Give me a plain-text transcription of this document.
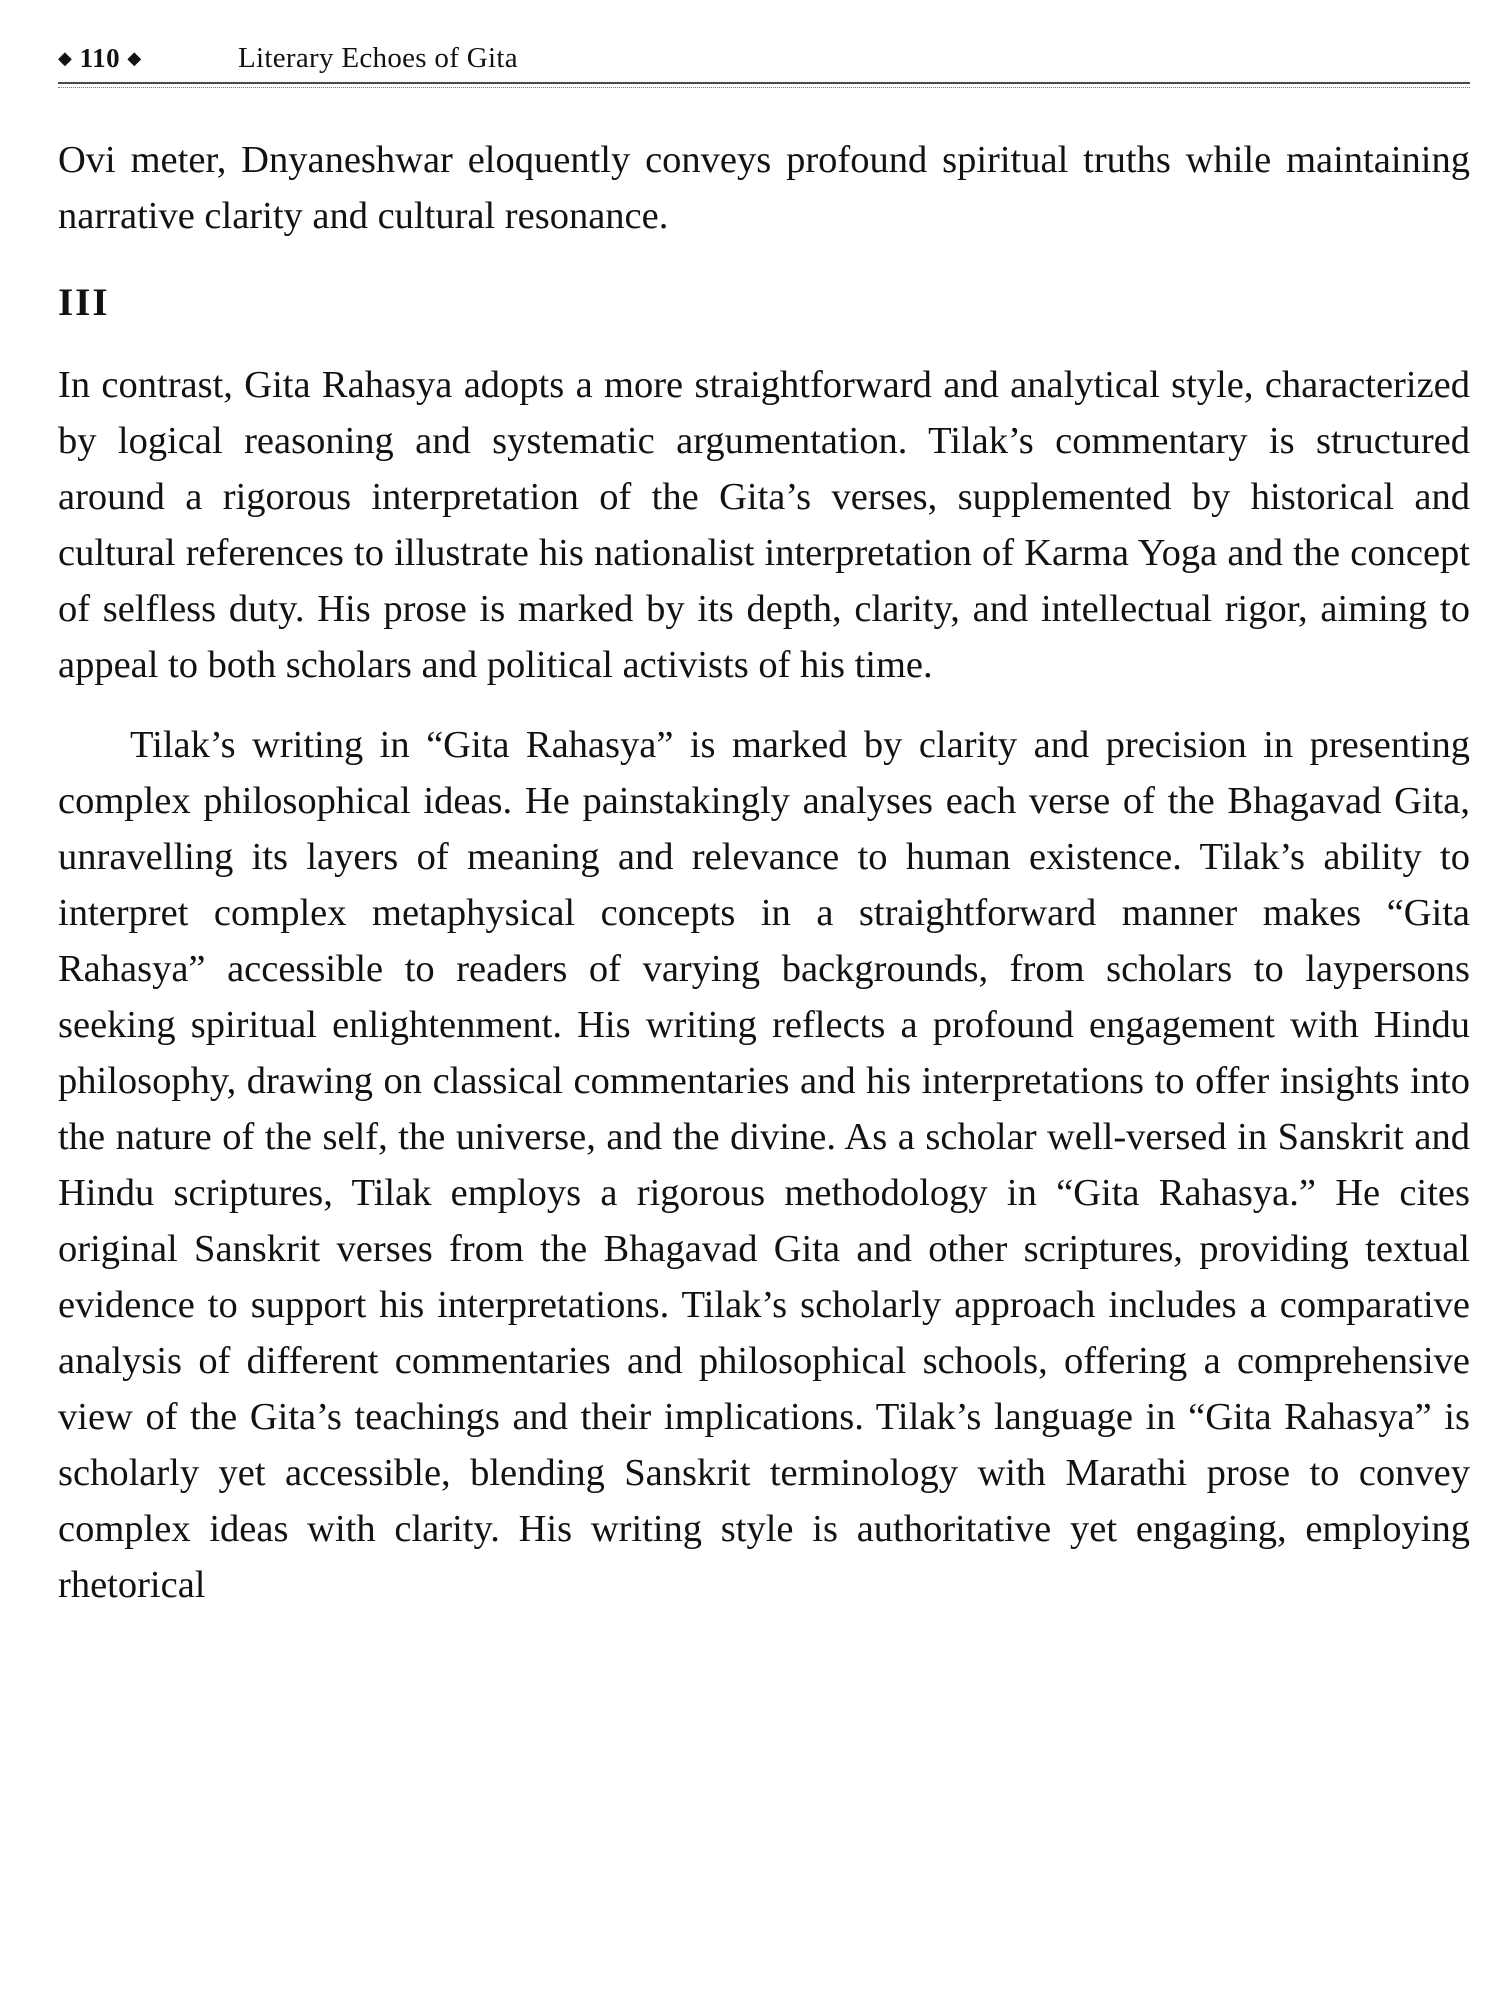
◆ 110 ◆	Literary Echoes of Gita

Ovi meter, Dnyaneshwar eloquently conveys profound spiritual truths while maintaining narrative clarity and cultural resonance.

III

In contrast, Gita Rahasya adopts a more straightforward and analytical style, characterized by logical reasoning and systematic argumentation. Tilak’s commentary is structured around a rigorous interpretation of the Gita’s verses, supplemented by historical and cultural references to illustrate his nationalist interpretation of Karma Yoga and the concept of selfless duty. His prose is marked by its depth, clarity, and intellectual rigor, aiming to appeal to both scholars and political activists of his time.

Tilak’s writing in “Gita Rahasya” is marked by clarity and precision in presenting complex philosophical ideas. He painstakingly analyses each verse of the Bhagavad Gita, unravelling its layers of meaning and relevance to human existence. Tilak’s ability to interpret complex metaphysical concepts in a straightforward manner makes “Gita Rahasya” accessible to readers of varying backgrounds, from scholars to laypersons seeking spiritual enlightenment. His writing reflects a profound engagement with Hindu philosophy, drawing on classical commentaries and his interpretations to offer insights into the nature of the self, the universe, and the divine. As a scholar well-versed in Sanskrit and Hindu scriptures, Tilak employs a rigorous methodology in “Gita Rahasya.” He cites original Sanskrit verses from the Bhagavad Gita and other scriptures, providing textual evidence to support his interpretations. Tilak’s scholarly approach includes a comparative analysis of different commentaries and philosophical schools, offering a comprehensive view of the Gita’s teachings and their implications. Tilak’s language in “Gita Rahasya” is scholarly yet accessible, blending Sanskrit terminology with Marathi prose to convey complex ideas with clarity. His writing style is authoritative yet engaging, employing rhetorical
